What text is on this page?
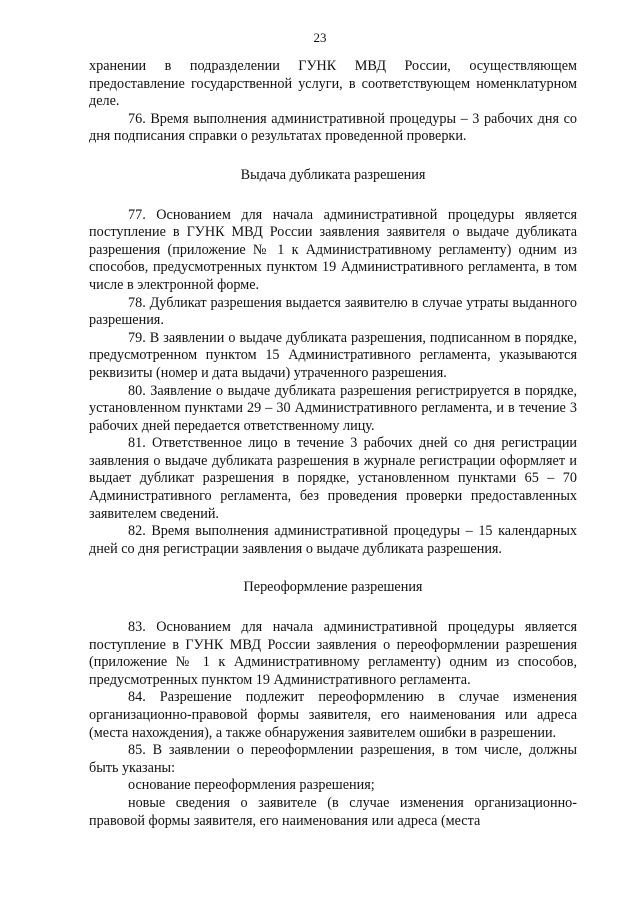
23

хранении в подразделении ГУНК МВД России, осуществляющем предоставление государственной услуги, в соответствующем номенклатурном деле.

76. Время выполнения административной процедуры – 3 рабочих дня со дня подписания справки о результатах проведенной проверки.

Выдача дубликата разрешения

77. Основанием для начала административной процедуры является поступление в ГУНК МВД России заявления заявителя о выдаче дубликата разрешения (приложение № 1 к Административному регламенту) одним из способов, предусмотренных пунктом 19 Административного регламента, в том числе в электронной форме.

78. Дубликат разрешения выдается заявителю в случае утраты выданного разрешения.

79. В заявлении о выдаче дубликата разрешения, подписанном в порядке, предусмотренном пунктом 15 Административного регламента, указываются реквизиты (номер и дата выдачи) утраченного разрешения.

80. Заявление о выдаче дубликата разрешения регистрируется в порядке, установленном пунктами 29 – 30 Административного регламента, и в течение 3 рабочих дней передается ответственному лицу.

81. Ответственное лицо в течение 3 рабочих дней со дня регистрации заявления о выдаче дубликата разрешения в журнале регистрации оформляет и выдает дубликат разрешения в порядке, установленном пунктами 65 – 70 Административного регламента, без проведения проверки предоставленных заявителем сведений.

82. Время выполнения административной процедуры – 15 календарных дней со дня регистрации заявления о выдаче дубликата разрешения.

Переоформление разрешения

83. Основанием для начала административной процедуры является поступление в ГУНК МВД России заявления о переоформлении разрешения (приложение № 1 к Административному регламенту) одним из способов, предусмотренных пунктом 19 Административного регламента.

84. Разрешение подлежит переоформлению в случае изменения организационно-правовой формы заявителя, его наименования или адреса (места нахождения), а также обнаружения заявителем ошибки в разрешении.

85. В заявлении о переоформлении разрешения, в том числе, должны быть указаны:

основание переоформления разрешения;

новые сведения о заявителе (в случае изменения организационно-правовой формы заявителя, его наименования или адреса (места
